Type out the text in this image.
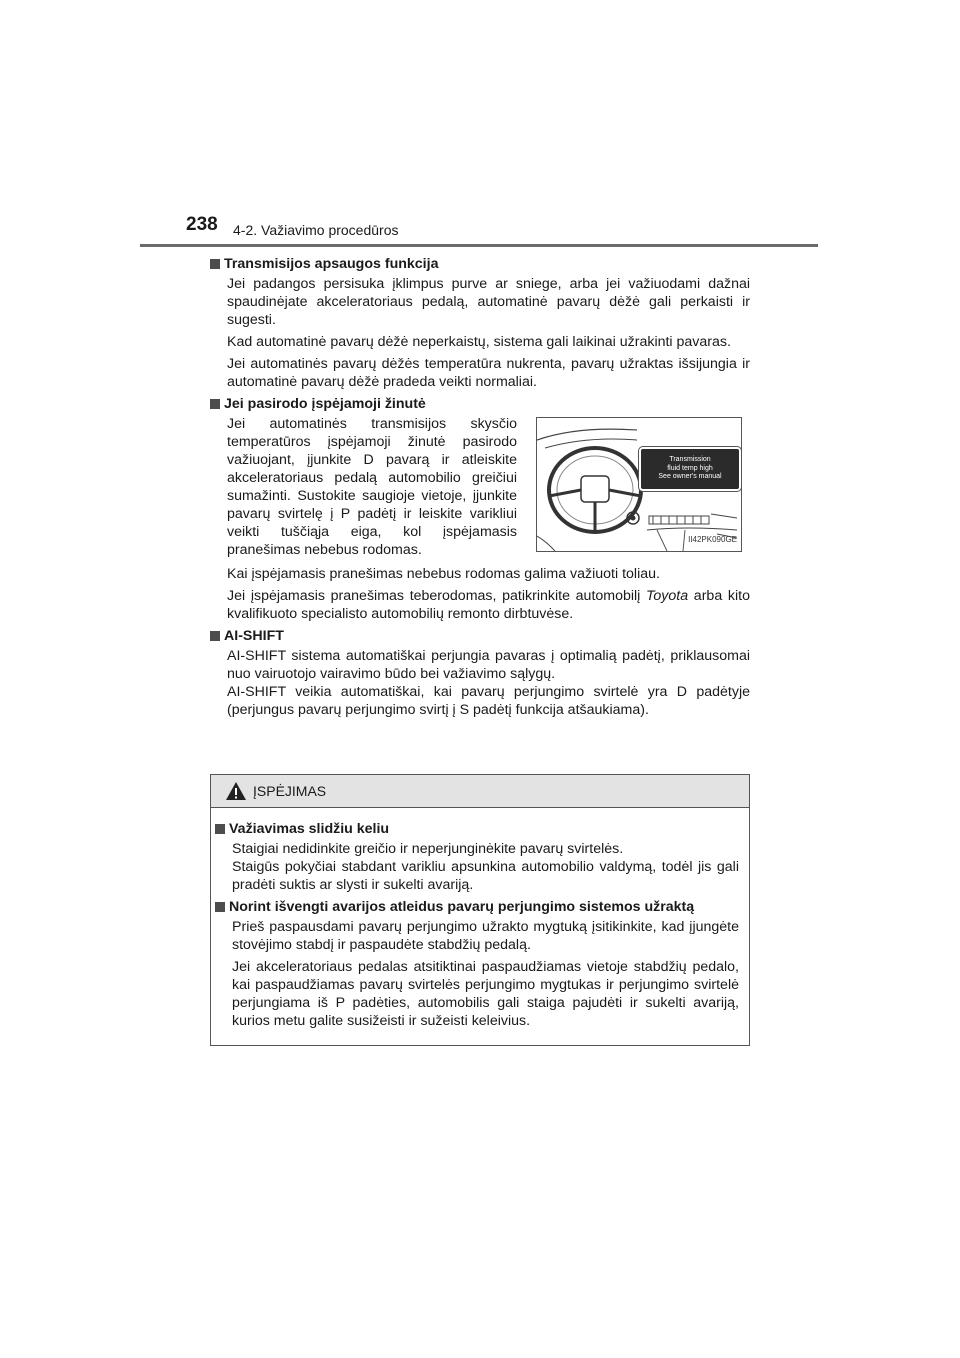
238 4-2. Važiavimo procedūros
Transmisijos apsaugos funkcija

Jei padangos persisuka įklimpus purve ar sniege, arba jei važiuodami dažnai spaudinėjate akceleratoriaus pedalą, automatinė pavarų dėžė gali perkaisti ir sugesti.

Kad automatinė pavarų dėžė neperkaistų, sistema gali laikinai užrakinti pavaras.

Jei automatinės pavarų dėžės temperatūra nukrenta, pavarų užraktas išsijungia ir automatinė pavarų dėžė pradeda veikti normaliai.

Jei pasirodo įspėjamoji žinutė

Jei automatinės transmisijos skysčio temperatūros įspėjamoji žinutė pasirodo važiuojant, įjunkite D pavarą ir atleiskite akceleratoriaus pedalą automobilio greičiui sumažinti. Sustokite saugioje vietoje, įjunkite pavarų svirtelę į P padėtį ir leiskite varikliui veikti tuščiąja eiga, kol įspėjamasis pranešimas nebebus rodomas.

Transmission
fluid temp high
See owner's manual
II42PK090GE

Kai įspėjamasis pranešimas nebebus rodomas galima važiuoti toliau.

Jei įspėjamasis pranešimas teberodomas, patikrinkite automobilį Toyota arba kito kvalifikuoto specialisto automobilių remonto dirbtuvėse.

AI-SHIFT

AI-SHIFT sistema automatiškai perjungia pavaras į optimalią padėtį, priklausomai nuo vairuotojo vairavimo būdo bei važiavimo sąlygų.

AI-SHIFT veikia automatiškai, kai pavarų perjungimo svirtelė yra D padėtyje (perjungus pavarų perjungimo svirtį į S padėtį funkcija atšaukiama).

ĮSPĖJIMAS
Važiavimas slidžiu keliu

Staigiai nedidinkite greičio ir neperjunginėkite pavarų svirtelės.

Staigūs pokyčiai stabdant varikliu apsunkina automobilio valdymą, todėl jis gali pradėti suktis ar slysti ir sukelti avariją.

Norint išvengti avarijos atleidus pavarų perjungimo sistemos užraktą

Prieš paspausdami pavarų perjungimo užrakto mygtuką įsitikinkite, kad įjungėte stovėjimo stabdį ir paspaudėte stabdžių pedalą.

Jei akceleratoriaus pedalas atsitiktinai paspaudžiamas vietoje stabdžių pedalo, kai paspaudžiamas pavarų svirtelės perjungimo mygtukas ir perjungimo svirtelė perjungiama iš P padėties, automobilis gali staiga pajudėti ir sukelti avariją, kurios metu galite susižeisti ir sužeisti keleivius.
